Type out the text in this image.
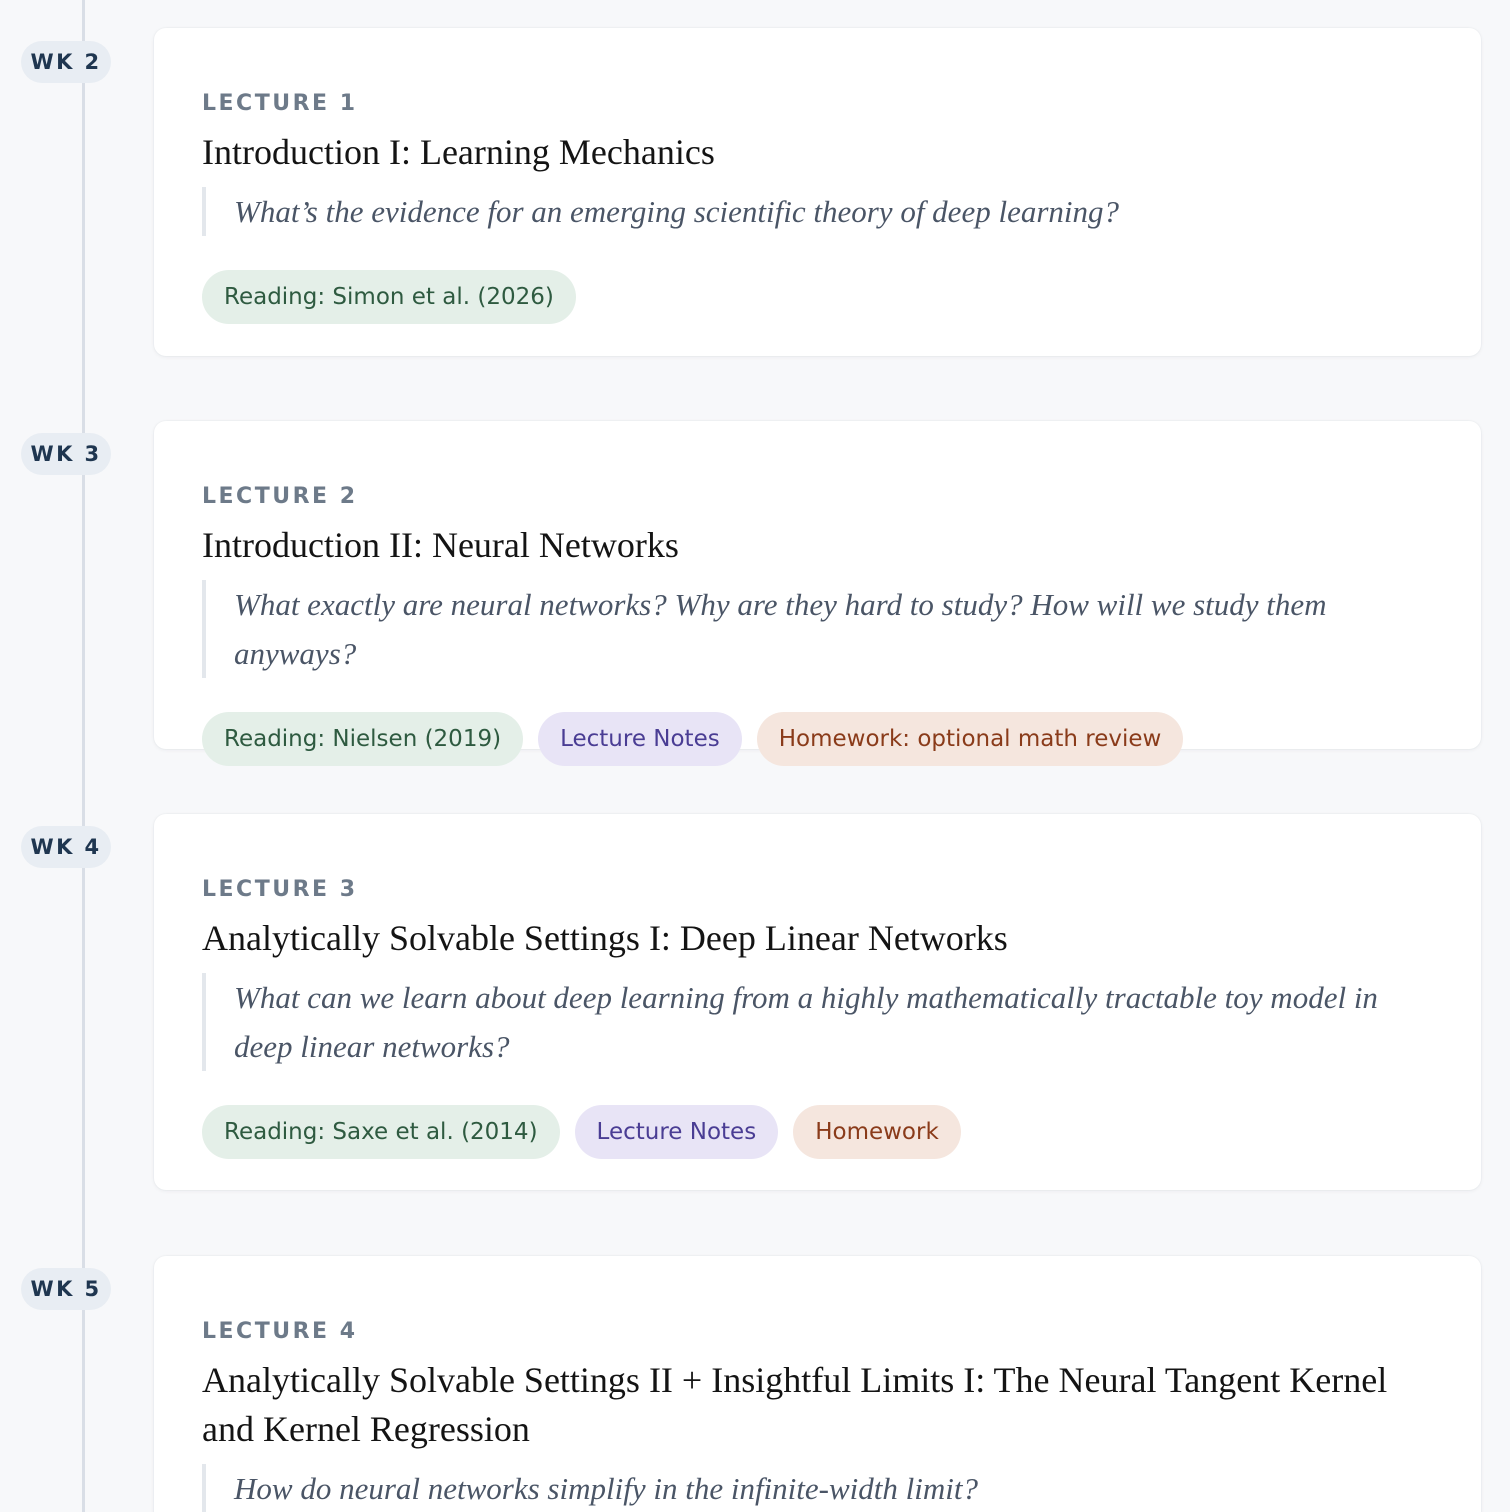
WK 2
LECTURE 1
Introduction I: Learning Mechanics
What’s the evidence for an emerging scientific theory of deep learning?
Reading: Simon et al. (2026)
WK 3
LECTURE 2
Introduction II: Neural Networks
What exactly are neural networks? Why are they hard to study? How will we study them anyways?
Reading: Nielsen (2019)	Lecture Notes	Homework: optional math review
WK 4
LECTURE 3
Analytically Solvable Settings I: Deep Linear Networks
What can we learn about deep learning from a highly mathematically tractable toy model in deep linear networks?
Reading: Saxe et al. (2014)	Lecture Notes	Homework
WK 5
LECTURE 4
Analytically Solvable Settings II + Insightful Limits I: The Neural Tangent Kernel and Kernel Regression
How do neural networks simplify in the infinite-width limit?
